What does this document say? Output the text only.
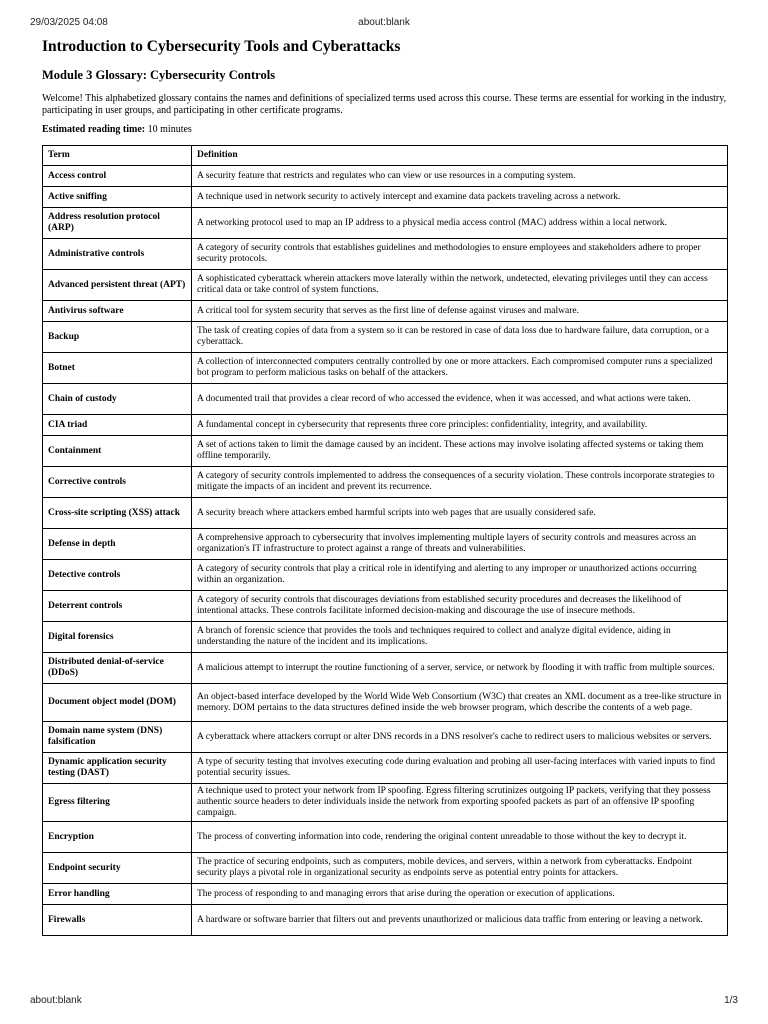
29/03/2025 04:08	about:blank
Introduction to Cybersecurity Tools and Cyberattacks
Module 3 Glossary: Cybersecurity Controls

Welcome! This alphabetized glossary contains the names and definitions of specialized terms used across this course. These terms are essential for working in the industry, participating in user groups, and participating in other certificate programs.

Estimated reading time: 10 minutes

Term	Definition
Access control	A security feature that restricts and regulates who can view or use resources in a computing system.
Active sniffing	A technique used in network security to actively intercept and examine data packets traveling across a network.
Address resolution protocol (ARP)	A networking protocol used to map an IP address to a physical media access control (MAC) address within a local network.
Administrative controls	A category of security controls that establishes guidelines and methodologies to ensure employees and stakeholders adhere to proper security protocols.
Advanced persistent threat (APT)	A sophisticated cyberattack wherein attackers move laterally within the network, undetected, elevating privileges until they can access critical data or take control of system functions.
Antivirus software	A critical tool for system security that serves as the first line of defense against viruses and malware.
Backup	The task of creating copies of data from a system so it can be restored in case of data loss due to hardware failure, data corruption, or a cyberattack.
Botnet	A collection of interconnected computers centrally controlled by one or more attackers. Each compromised computer runs a specialized bot program to perform malicious tasks on behalf of the attackers.
Chain of custody	A documented trail that provides a clear record of who accessed the evidence, when it was accessed, and what actions were taken.
CIA triad	A fundamental concept in cybersecurity that represents three core principles: confidentiality, integrity, and availability.
Containment	A set of actions taken to limit the damage caused by an incident. These actions may involve isolating affected systems or taking them offline temporarily.
Corrective controls	A category of security controls implemented to address the consequences of a security violation. These controls incorporate strategies to mitigate the impacts of an incident and prevent its recurrence.
Cross-site scripting (XSS) attack	A security breach where attackers embed harmful scripts into web pages that are usually considered safe.
Defense in depth	A comprehensive approach to cybersecurity that involves implementing multiple layers of security controls and measures across an organization's IT infrastructure to protect against a range of threats and vulnerabilities.
Detective controls	A category of security controls that play a critical role in identifying and alerting to any improper or unauthorized actions occurring within an organization.
Deterrent controls	A category of security controls that discourages deviations from established security procedures and decreases the likelihood of intentional attacks. These controls facilitate informed decision-making and discourage the use of insecure methods.
Digital forensics	A branch of forensic science that provides the tools and techniques required to collect and analyze digital evidence, aiding in understanding the nature of the incident and its implications.
Distributed denial-of-service (DDoS)	A malicious attempt to interrupt the routine functioning of a server, service, or network by flooding it with traffic from multiple sources.
Document object model (DOM)	An object-based interface developed by the World Wide Web Consortium (W3C) that creates an XML document as a tree-like structure in memory. DOM pertains to the data structures defined inside the web browser program, which describe the contents of a web page.
Domain name system (DNS) falsification	A cyberattack where attackers corrupt or alter DNS records in a DNS resolver's cache to redirect users to malicious websites or servers.
Dynamic application security testing (DAST)	A type of security testing that involves executing code during evaluation and probing all user-facing interfaces with varied inputs to find potential security issues.
Egress filtering	A technique used to protect your network from IP spoofing. Egress filtering scrutinizes outgoing IP packets, verifying that they possess authentic source headers to deter individuals inside the network from exporting spoofed packets as part of an offensive IP spoofing campaign.
Encryption	The process of converting information into code, rendering the original content unreadable to those without the key to decrypt it.
Endpoint security	The practice of securing endpoints, such as computers, mobile devices, and servers, within a network from cyberattacks. Endpoint security plays a pivotal role in organizational security as endpoints serve as potential entry points for attackers.
Error handling	The process of responding to and managing errors that arise during the operation or execution of applications.
Firewalls	A hardware or software barrier that filters out and prevents unauthorized or malicious data traffic from entering or leaving a network.
about:blank	1/3
